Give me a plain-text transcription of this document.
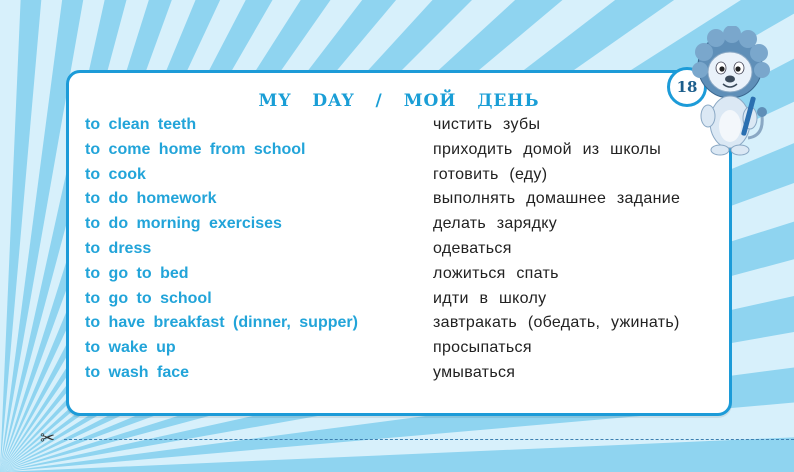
MY DAY / МОЙ ДЕНЬ
to clean teeth	чистить зубы
to come home from school	приходить домой из школы
to cook	готовить (еду)
to do homework	выполнять домашнее задание
to do morning exercises	делать зарядку
to dress	одеваться
to go to bed	ложиться спать
to go to school	идти в школу
to have breakfast (dinner, supper)	завтракать (обедать, ужинать)
to wake up	просыпаться
to wash face	умываться
18
✂
